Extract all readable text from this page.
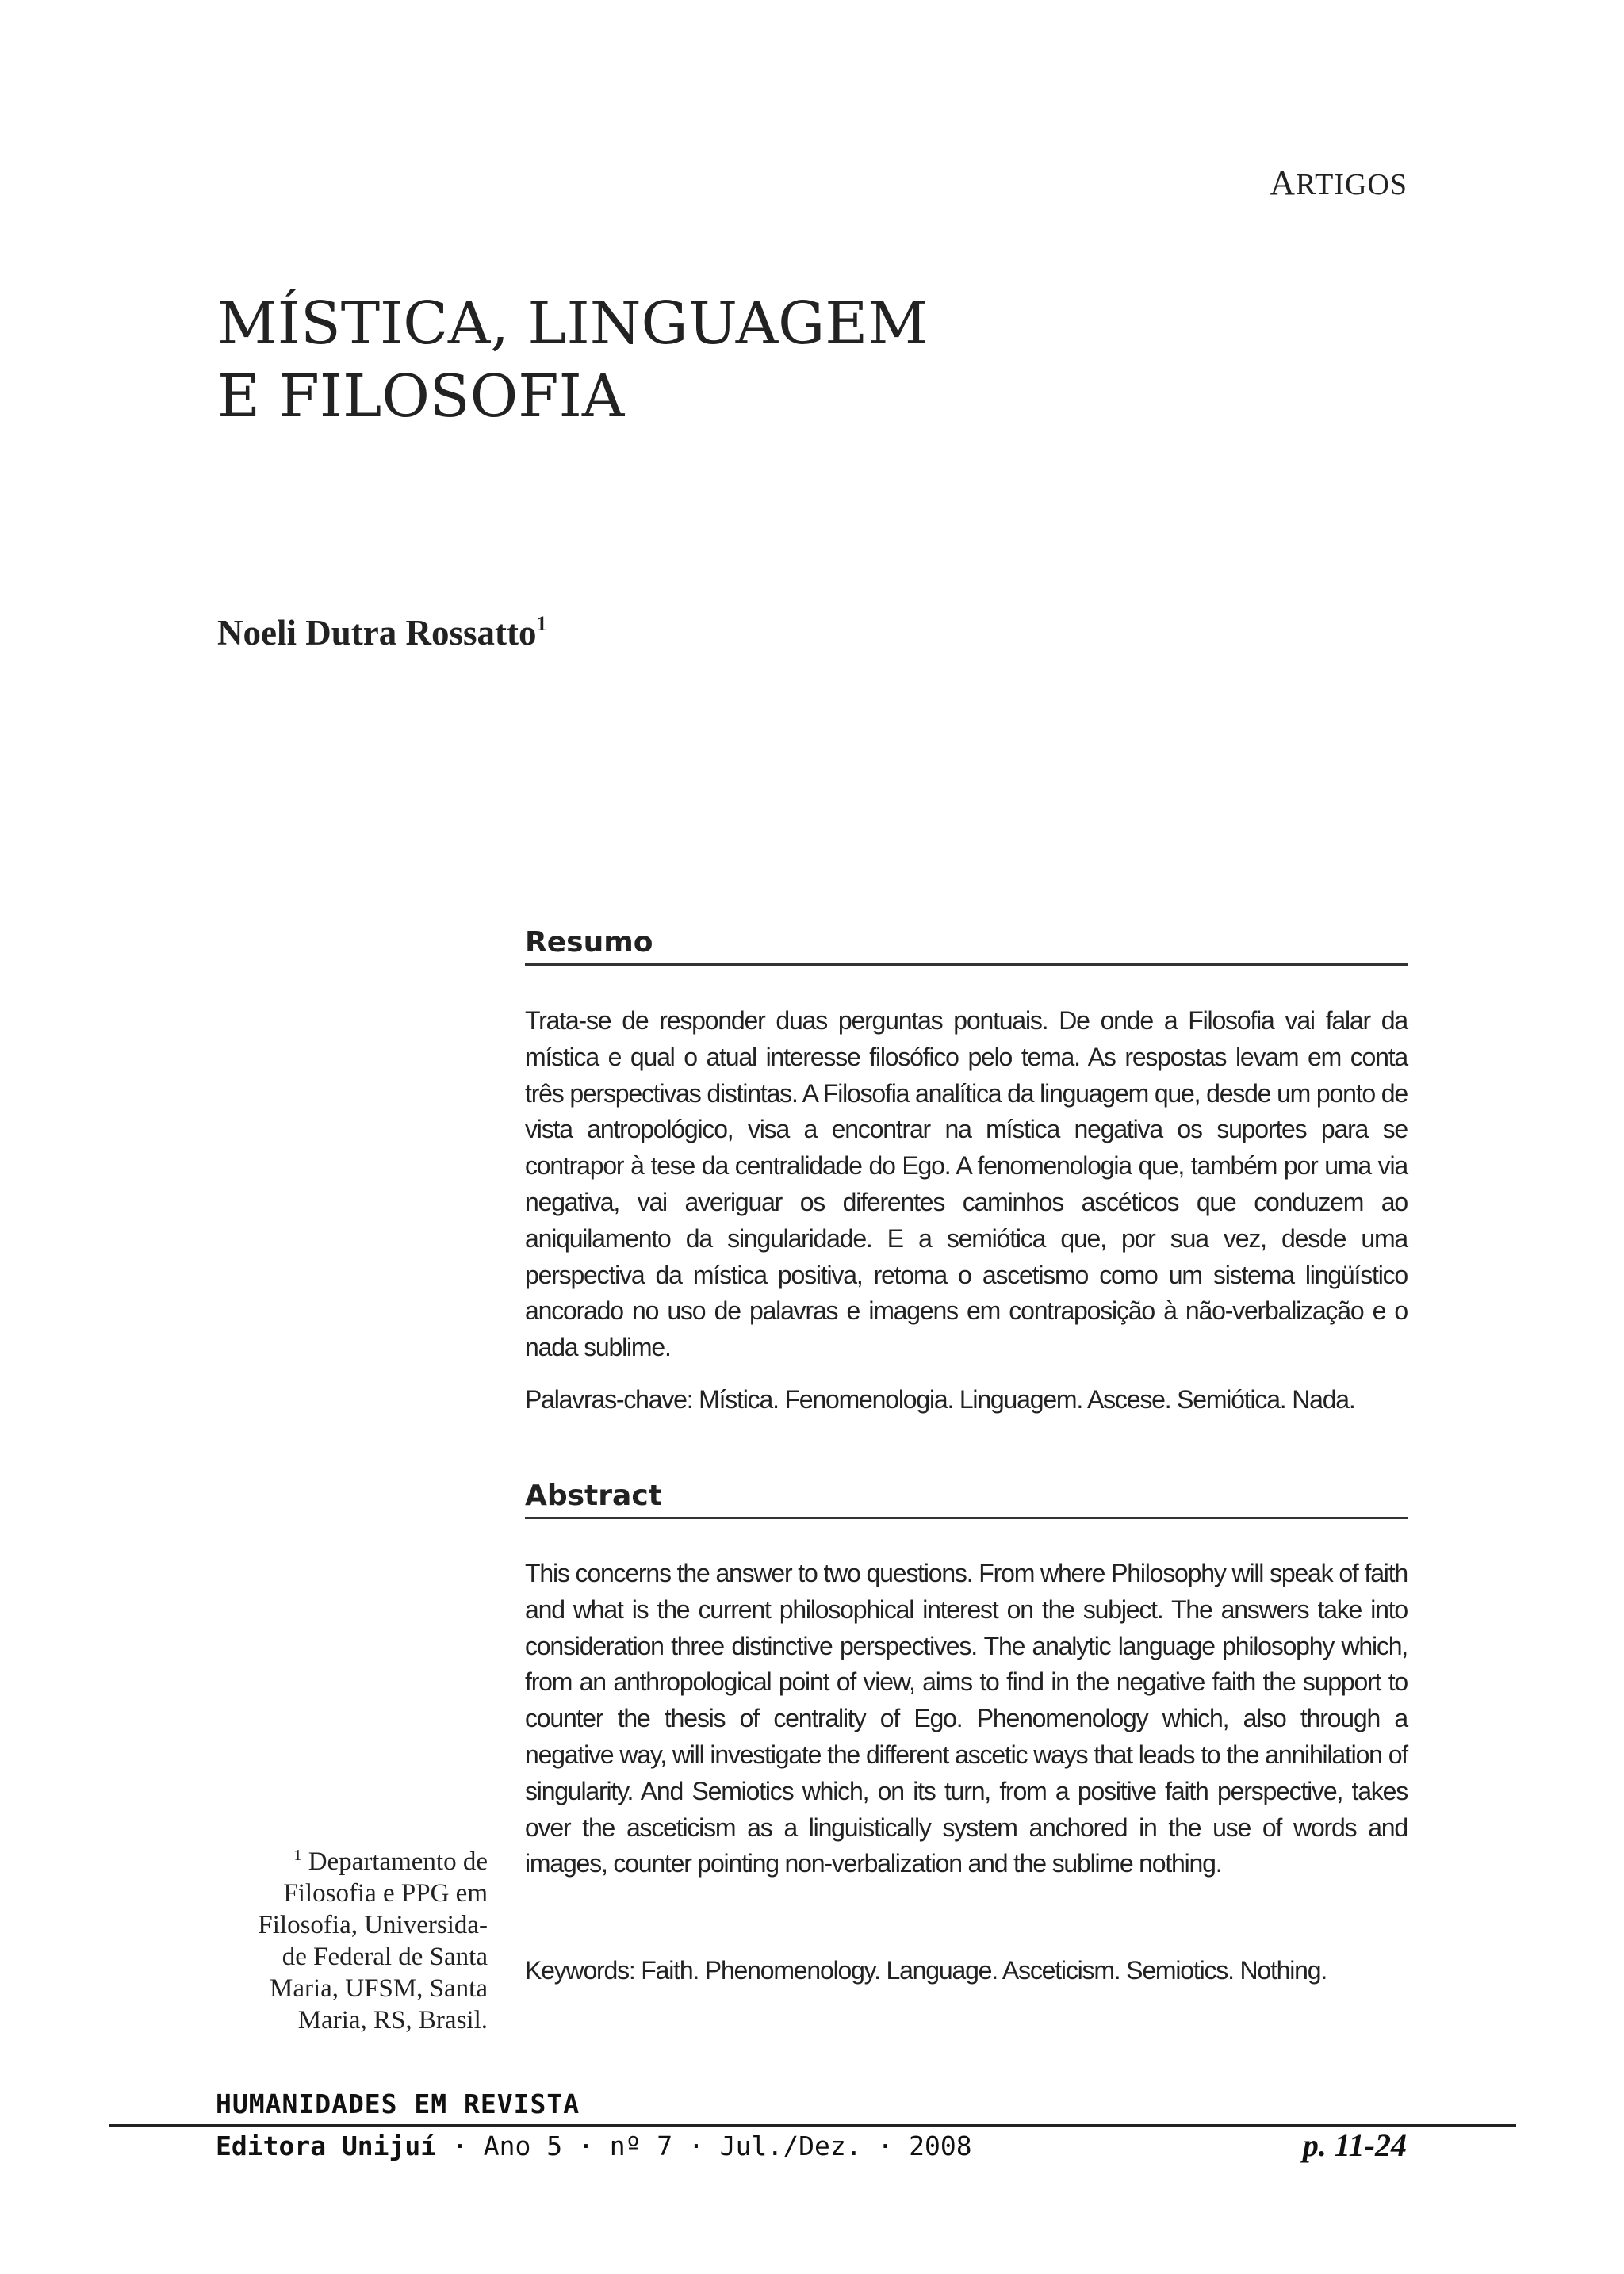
ARTIGOS
MÍSTICA, LINGUAGEM
E FILOSOFIA
Noeli Dutra Rossatto$^1$
Resumo

Trata-se de responder duas perguntas pontuais. De onde a Filosofia vai falar da mística e qual o atual interesse filosófico pelo tema. As respostas levam em conta três perspectivas distintas. A Filosofia analítica da linguagem que, desde um ponto de vista antropológico, visa a encontrar na mística negativa os suportes para se contrapor à tese da centralidade do Ego. A fenomenologia que, também por uma via negativa, vai averiguar os diferentes caminhos ascéticos que conduzem ao aniquilamento da singularidade. E a semiótica que, por sua vez, desde uma perspectiva da mística positiva, retoma o ascetismo como um sistema lingüístico ancorado no uso de palavras e imagens em contraposição à não-verbalização e o nada sublime.

Palavras-chave: Mística. Fenomenologia. Linguagem. Ascese. Semiótica. Nada.

Abstract

This concerns the answer to two questions. From where Philosophy will speak of faith and what is the current philosophical interest on the subject. The answers take into consideration three distinctive perspectives. The analytic language philosophy which, from an anthropological point of view, aims to find in the negative faith the support to counter the thesis of centrality of Ego. Phenomenology which, also through a negative way, will investigate the different ascetic ways that leads to the annihilation of singularity. And Semiotics which, on its turn, from a positive faith perspective, takes over the asceticism as a linguistically system anchored in the use of words and images, counter pointing non-verbalization and the sublime nothing.

Keywords: Faith. Phenomenology. Language. Asceticism. Semiotics. Nothing.

$^1$ Departamento de
Filosofia e PPG em
Filosofia, Universida-
de Federal de Santa
Maria, UFSM, Santa
Maria, RS, Brasil.
HUMANIDADES EM REVISTA
Editora Unijuí · Ano 5 · nº 7 · Jul./Dez. · 2008	p. 11-24
